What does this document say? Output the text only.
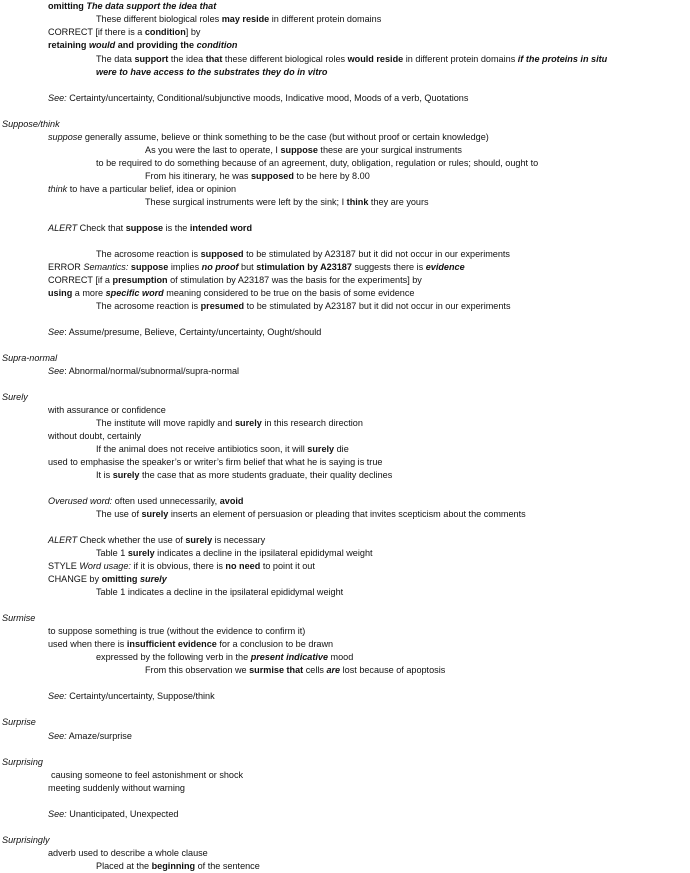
omitting The data support the idea that
These different biological roles may reside in different protein domains
CORRECT [if there is a condition] by
retaining would and providing the condition
The data support the idea that these different biological roles would reside in different protein domains if the proteins in situ
were to have access to the substrates they do in vitro
See: Certainty/uncertainty, Conditional/subjunctive moods, Indicative mood, Moods of a verb, Quotations
Suppose/think
suppose generally assume, believe or think something to be the case (but without proof or certain knowledge)
As you were the last to operate, I suppose these are your surgical instruments
to be required to do something because of an agreement, duty, obligation, regulation or rules; should, ought to
From his itinerary, he was supposed to be here by 8.00
think to have a particular belief, idea or opinion
These surgical instruments were left by the sink; I think they are yours
ALERT Check that suppose is the intended word
The acrosome reaction is supposed to be stimulated by A23187 but it did not occur in our experiments
ERROR Semantics: suppose implies no proof but stimulation by A23187 suggests there is evidence
CORRECT [if a presumption of stimulation by A23187 was the basis for the experiments] by
using a more specific word meaning considered to be true on the basis of some evidence
The acrosome reaction is presumed to be stimulated by A23187 but it did not occur in our experiments
See: Assume/presume, Believe, Certainty/uncertainty, Ought/should
Supra-normal
See: Abnormal/normal/subnormal/supra-normal
Surely
with assurance or confidence
The institute will move rapidly and surely in this research direction
without doubt, certainly
If the animal does not receive antibiotics soon, it will surely die
used to emphasise the speaker’s or writer’s firm belief that what he is saying is true
It is surely the case that as more students graduate, their quality declines
Overused word: often used unnecessarily, avoid
The use of surely inserts an element of persuasion or pleading that invites scepticism about the comments
ALERT Check whether the use of surely is necessary
Table 1 surely indicates a decline in the ipsilateral epididymal weight
STYLE Word usage: if it is obvious, there is no need to point it out
CHANGE by omitting surely
Table 1 indicates a decline in the ipsilateral epididymal weight
Surmise
to suppose something is true (without the evidence to confirm it)
used when there is insufficient evidence for a conclusion to be drawn
expressed by the following verb in the present indicative mood
From this observation we surmise that cells are lost because of apoptosis
See: Certainty/uncertainty, Suppose/think
Surprise
See: Amaze/surprise
Surprising
causing someone to feel astonishment or shock
meeting suddenly without warning
See: Unanticipated, Unexpected
Surprisingly
adverb used to describe a whole clause
Placed at the beginning of the sentence
